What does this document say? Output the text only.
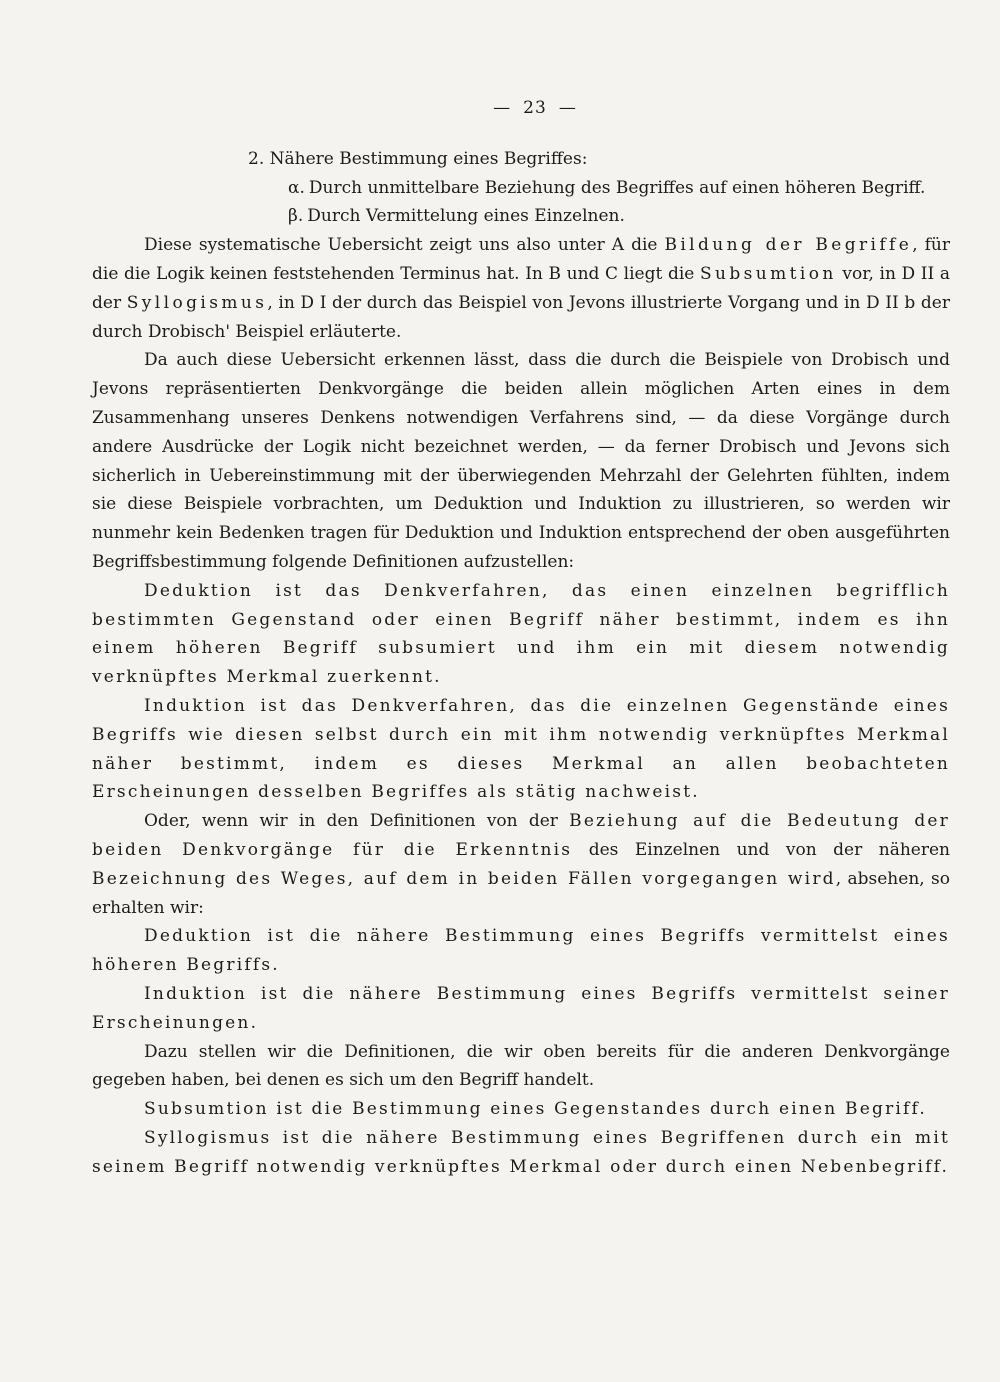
— 23 —

2. Nähere Bestimmung eines Begriffes:

α. Durch unmittelbare Beziehung des Begriffes auf einen höheren Begriff.

β. Durch Vermittelung eines Einzelnen.

Diese systematische Uebersicht zeigt uns also unter A die Bildung der Begriffe, für die die Logik keinen feststehenden Terminus hat. In B und C liegt die Subsumtion vor, in D II a der Syllogismus, in D I der durch das Beispiel von Jevons illustrierte Vorgang und in D II b der durch Drobisch' Beispiel erläuterte.

Da auch diese Uebersicht erkennen lässt, dass die durch die Beispiele von Drobisch und Jevons repräsentierten Denkvorgänge die beiden allein möglichen Arten eines in dem Zusammenhang unseres Denkens notwendigen Verfahrens sind, — da diese Vorgänge durch andere Ausdrücke der Logik nicht bezeichnet werden, — da ferner Drobisch und Jevons sich sicherlich in Uebereinstimmung mit der überwiegenden Mehrzahl der Gelehrten fühlten, indem sie diese Beispiele vorbrachten, um Deduktion und Induktion zu illustrieren, so werden wir nunmehr kein Bedenken tragen für Deduktion und Induktion entsprechend der oben ausgeführten Begriffsbestimmung folgende Definitionen aufzustellen:

Deduktion ist das Denkverfahren, das einen einzelnen begrifflich bestimmten Gegenstand oder einen Begriff näher bestimmt, indem es ihn einem höheren Begriff subsumiert und ihm ein mit diesem notwendig verknüpftes Merkmal zuerkennt.

Induktion ist das Denkverfahren, das die einzelnen Gegenstände eines Begriffs wie diesen selbst durch ein mit ihm notwendig verknüpftes Merkmal näher bestimmt, indem es dieses Merkmal an allen beobachteten Erscheinungen desselben Begriffes als stätig nachweist.

Oder, wenn wir in den Definitionen von der Beziehung auf die Bedeutung der beiden Denkvorgänge für die Erkenntnis des Einzelnen und von der näheren Bezeichnung des Weges, auf dem in beiden Fällen vorgegangen wird, absehen, so erhalten wir:

Deduktion ist die nähere Bestimmung eines Begriffs vermittelst eines höheren Begriffs.

Induktion ist die nähere Bestimmung eines Begriffs vermittelst seiner Erscheinungen.

Dazu stellen wir die Definitionen, die wir oben bereits für die anderen Denkvorgänge gegeben haben, bei denen es sich um den Begriff handelt.

Subsumtion ist die Bestimmung eines Gegenstandes durch einen Begriff.

Syllogismus ist die nähere Bestimmung eines Begriffenen durch ein mit seinem Begriff notwendig verknüpftes Merkmal oder durch einen Nebenbegriff.
